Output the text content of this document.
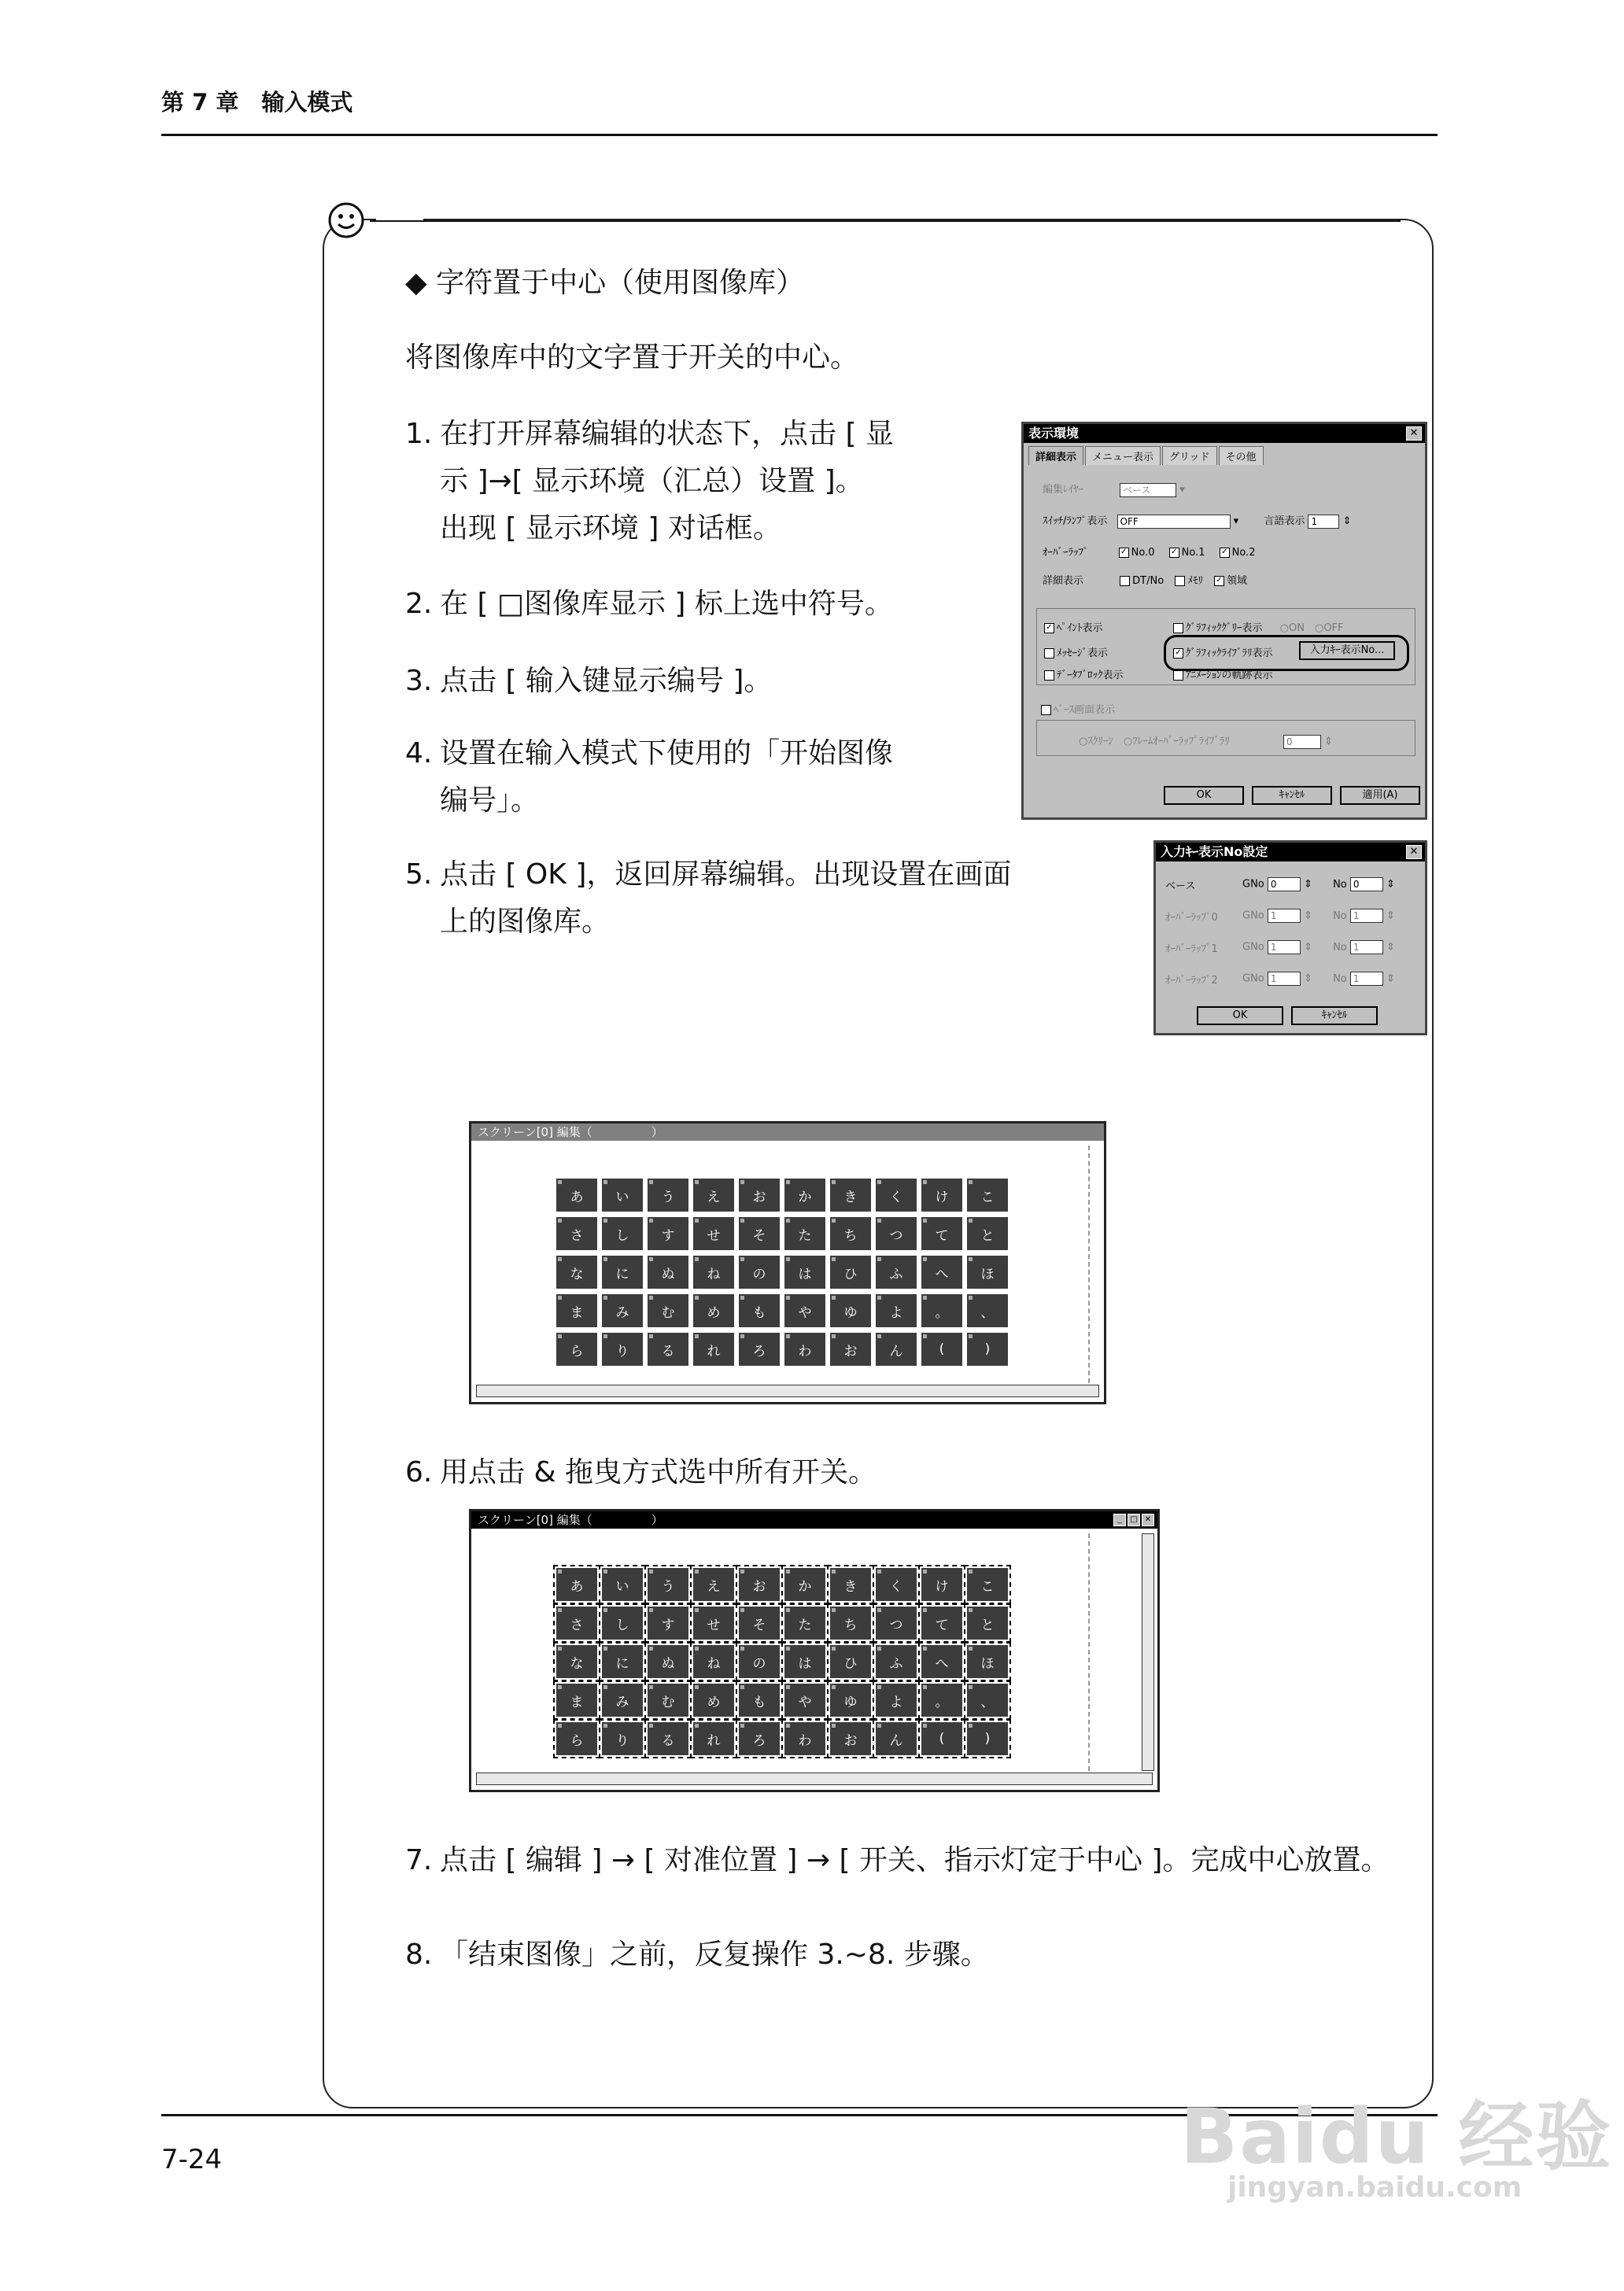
第 7 章　输入模式
◆ 字符置于中心（使用图像库）
将图像库中的文字置于开关的中心。
1. 在打开屏幕编辑的状态下，点击 [ 显
示 ]→[ 显示环境（汇总）设置 ]。
出现 [ 显示环境 ] 对话框。
2. 在 [ □图像库显示 ] 标上选中符号。
3. 点击 [ 输入键显示编号 ]。
4. 设置在输入模式下使用的「开始图像
编号」。
5. 点击 [ OK ]，返回屏幕编辑。出现设置在画面
上的图像库。
6. 用点击 & 拖曳方式选中所有开关。
7. 点击 [ 编辑 ] → [ 对准位置 ] → [ 开关、指示灯定于中心 ]。完成中心放置。
8. 「结束图像」之前，反复操作 3.~8. 步骤。
表示環境	✕
詳細表示	メニュー表示	グリッド	その他
編集ﾚｲﾔｰ	ベース	▾
ｽｲｯﾁ/ﾗﾝﾌﾟ表示 OFF	▾ 言語表示 1 ⇕
ｵｰﾊﾞｰﾗｯﾌﾟ	✓ No.0 ✓ No.1 ✓ No.2
詳細表示	DT/No ﾒﾓﾘ ✓ 領域
✓ ﾍﾟｲﾝﾄ表示	ｸﾞﾗﾌｨｯｸｸﾞﾘｰ表示 ○ON　○OFF
ﾒｯｾｰｼﾞ表示	✓ ｸﾞﾗﾌｨｯｸﾗｲﾌﾞﾗﾘ表示	入力ｷｰ表示No...
ﾃﾞｰﾀﾌﾞﾛｯｸ表示	ｱﾆﾒｰｼｮﾝの軌跡表示
ﾍﾞｰｽ画面表示
○ｽｸﾘｰﾝ　○ﾌﾚｰﾑｵｰﾊﾞｰﾗｯﾌﾟﾗｲﾌﾞﾗﾘ	0	⇕
OK	ｷｬﾝｾﾙ	適用(A)
入力ｷｰ表示No設定	✕
ベース	GNo 0 ⇕ No 0 ⇕
ｵｰﾊﾞｰﾗｯﾌﾟ0 GNo 1 ⇕ No 1 ⇕
ｵｰﾊﾞｰﾗｯﾌﾟ1 GNo 1 ⇕ No 1 ⇕
ｵｰﾊﾞｰﾗｯﾌﾟ2 GNo 1 ⇕ No 1 ⇕
OK	ｷｬﾝｾﾙ
スクリーン[0] 編集（　　　　　）
あ	い	う	え	お	か	き	く	け	こ
さ	し	す	せ	そ	た	ち	つ	て	と
な	に	ぬ	ね	の	は	ひ	ふ	へ	ほ
ま	み	む	め	も	や	ゆ	よ	。	、
ら	り	る	れ	ろ	わ	お	ん	(	)
スクリーン[0] 編集（　　　　　）	_	□ ✕
あ	い	う	え	お	か	き	く	け	こ
さ	し	す	せ	そ	た	ち	つ	て	と
な	に	ぬ	ね	の	は	ひ	ふ	へ	ほ
ま	み	む	め	も	や	ゆ	よ	。	、
ら	り	る	れ	ろ	わ	お	ん	(	)
7-24	Baidu 经验
jingyan.baidu.com
